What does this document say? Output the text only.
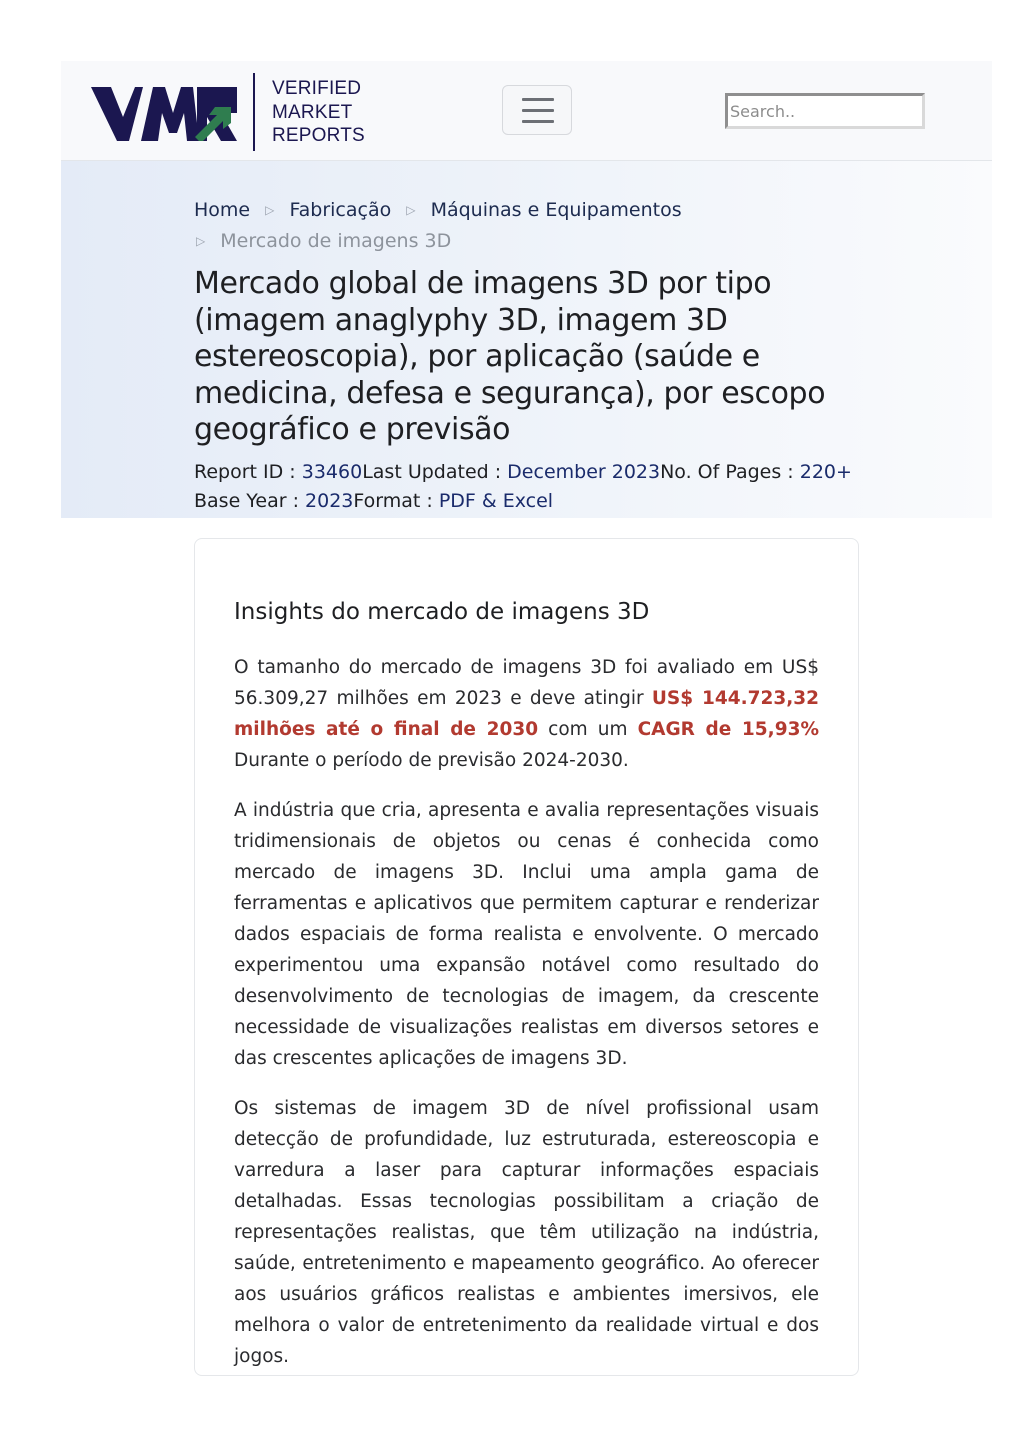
VERIFIED
MARKET
REPORTS
Search..
Home ▷ Fabricação ▷ Máquinas e Equipamentos
▷ Mercado de imagens 3D
Mercado global de imagens 3D por tipo (imagem anaglyphy 3D, imagem 3D estereoscopia), por aplicação (saúde e medicina, defesa e segurança), por escopo geográfico e previsão
Report ID : 33460Last Updated : December 2023No. Of Pages : 220+
Base Year : 2023Format : PDF & Excel
Insights do mercado de imagens 3D

O tamanho do mercado de imagens 3D foi avaliado em US$ 56.309,27 milhões em 2023 e deve atingir US$ 144.723,32 milhões até o final de 2030 com um CAGR de 15,93% Durante o período de previsão 2024-2030.

A indústria que cria, apresenta e avalia representações visuais tridimensionais de objetos ou cenas é conhecida como mercado de imagens 3D. Inclui uma ampla gama de ferramentas e aplicativos que permitem capturar e renderizar dados espaciais de forma realista e envolvente. O mercado experimentou uma expansão notável como resultado do desenvolvimento de tecnologias de imagem, da crescente necessidade de visualizações realistas em diversos setores e das crescentes aplicações de imagens 3D.

Os sistemas de imagem 3D de nível profissional usam detecção de profundidade, luz estruturada, estereoscopia e varredura a laser para capturar informações espaciais detalhadas. Essas tecnologias possibilitam a criação de representações realistas, que têm utilização na indústria, saúde, entretenimento e mapeamento geográfico. Ao oferecer aos usuários gráficos realistas e ambientes imersivos, ele melhora o valor de entretenimento da realidade virtual e dos jogos.
